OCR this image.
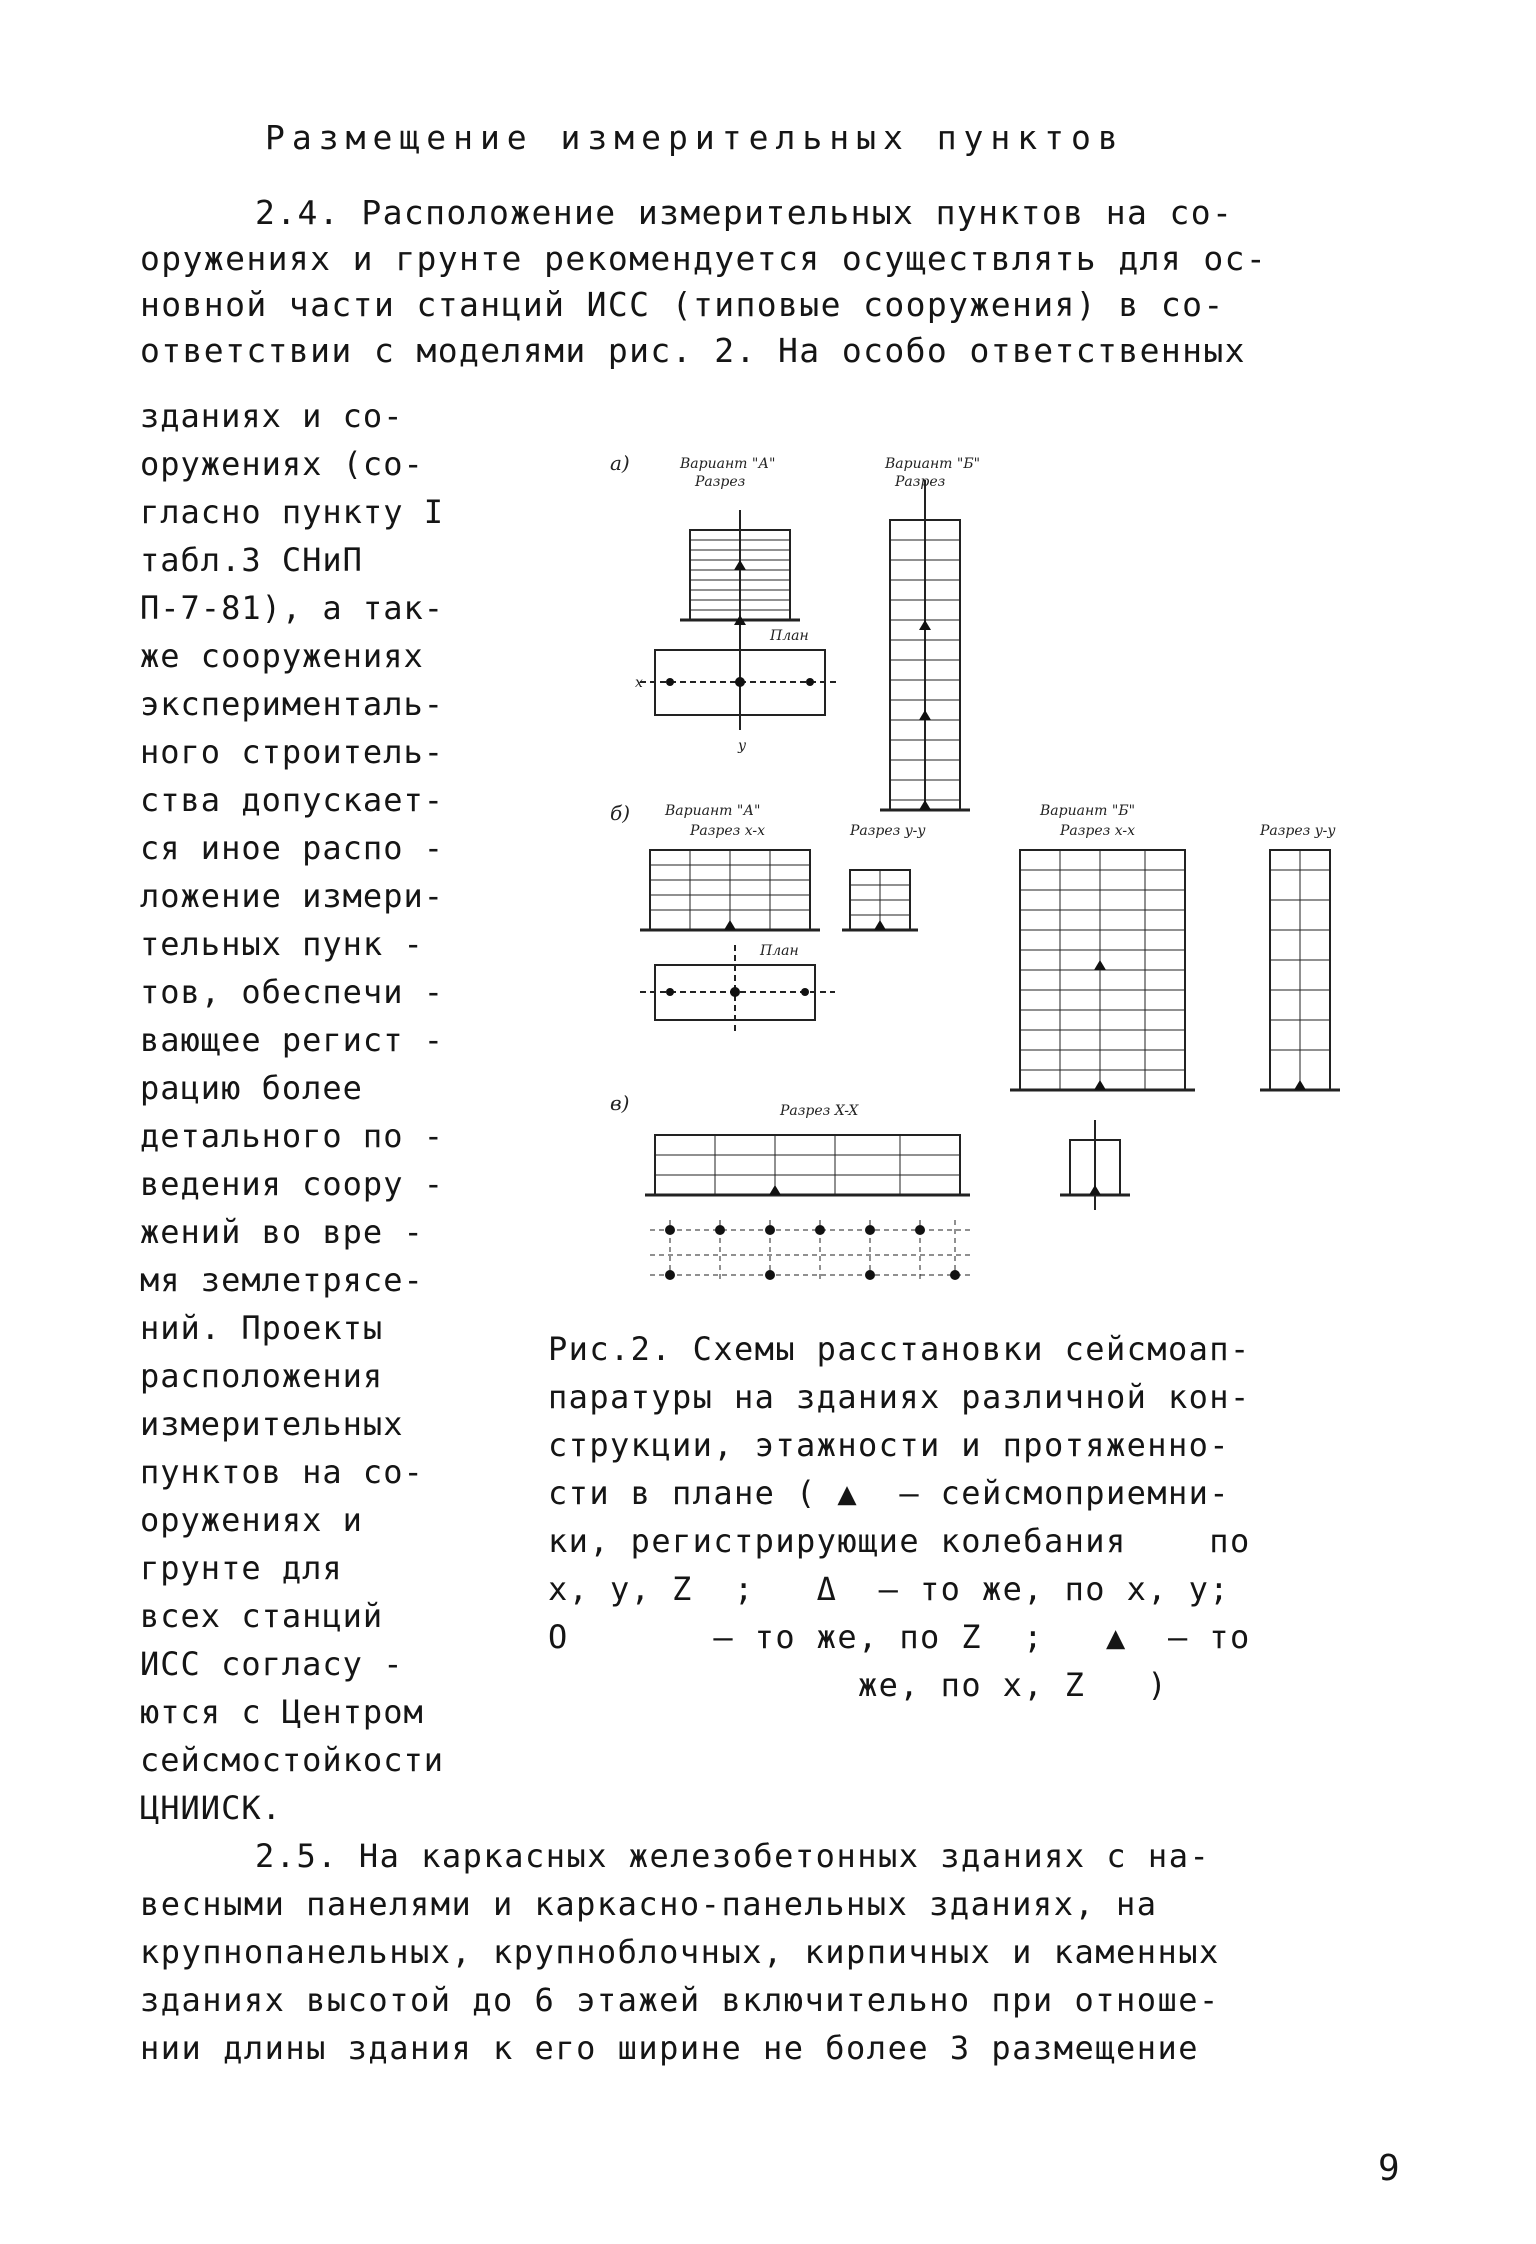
Размещение измерительных пунктов
2.4. Расположение измерительных пунктов на со-
оружениях и грунте рекомендуется осуществлять для ос-
новной части станций ИСС (типовые сооружения) в со-
ответствии с моделями рис. 2. На особо ответственных
зданиях и со-
оружениях (со-
гласно пункту I
табл.3 СНиП
П-7-81), а так-
же сооружениях
эксперименталь-
ного строитель-
ства допускает-
ся иное распо -
ложение измери-
тельных пунк -
тов, обеспечи -
вающее регист -
рацию более
детального по -
ведения соору -
жений во вре -
мя землетрясе-
ний. Проекты
расположения
измерительных
пунктов на со-
оружениях и
грунте для
всех станций
ИСС согласу -
ются с Центром
сейсмостойкости
ЦНИИСК.
а)	Вариант "А"
Разрез
Вариант "Б"
Разрез
План
x
y
б) Вариант "А"
Разрез x-x	Разрез y-y
Вариант "Б"
Разрез x-x	Разрез y-y
План
в)	Разрез X-X
Рис.2. Схемы расстановки сейсмоап-
паратуры на зданиях различной кон-
струкции, этажности и протяженно-
сти в плане ( ▲  – сейсмоприемни-
ки, регистрирующие колебания    по
x, y, Z  ;   Δ  – то же, по x, y;
O       – то же, по Z  ;   ▲  – то
же, по x, Z   )
2.5. На каркасных железобетонных зданиях с на-
весными панелями и каркасно-панельных зданиях, на
крупнопанельных, крупноблочных, кирпичных и каменных
зданиях высотой до 6 этажей включительно при отноше-
нии длины здания к его ширине не более 3 размещение
9
